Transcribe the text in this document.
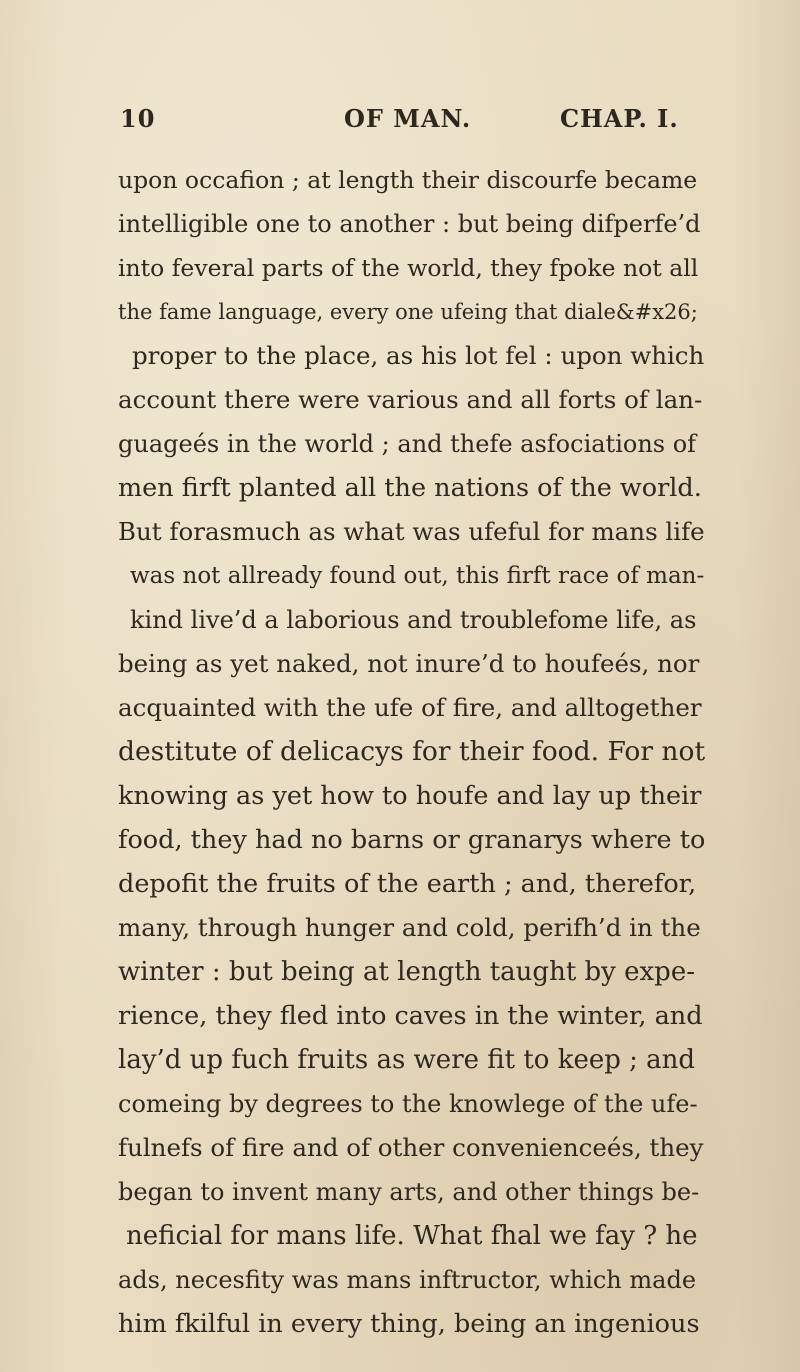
10	OF MAN.	CHAP. I.
upon occafion ; at length their discourfe became
intelligible one to another : but being difperfe’d
into feveral parts of the world, they fpoke not all
the fame language, every one ufeing that diale&#x26;
proper to the place, as his lot fel : upon which
account there were various and all forts of lan-
guageés in the world ; and thefe asfociations of
men firft planted all the nations of the world.
But forasmuch as what was ufeful for mans life
was not allready found out, this firft race of man-
kind live’d a laborious and troublefome life, as
being as yet naked, not inure’d to houfeés, nor
acquainted with the ufe of fire, and alltogether
destitute of delicacys for their food. For not
knowing as yet how to houfe and lay up their
food, they had no barns or granarys where to
depofit the fruits of the earth ; and, therefor,
many, through hunger and cold, perifh’d in the
winter : but being at length taught by expe-
rience, they fled into caves in the winter, and
lay’d up fuch fruits as were fit to keep ; and
comeing by degrees to the knowlege of the ufe-
fulnefs of fire and of other convenienceés, they
began to invent many arts, and other things be-
neficial for mans life. What fhal we fay ? he
ads, necesfity was mans inftructor, which made
him fkilful in every thing, being an ingenious
